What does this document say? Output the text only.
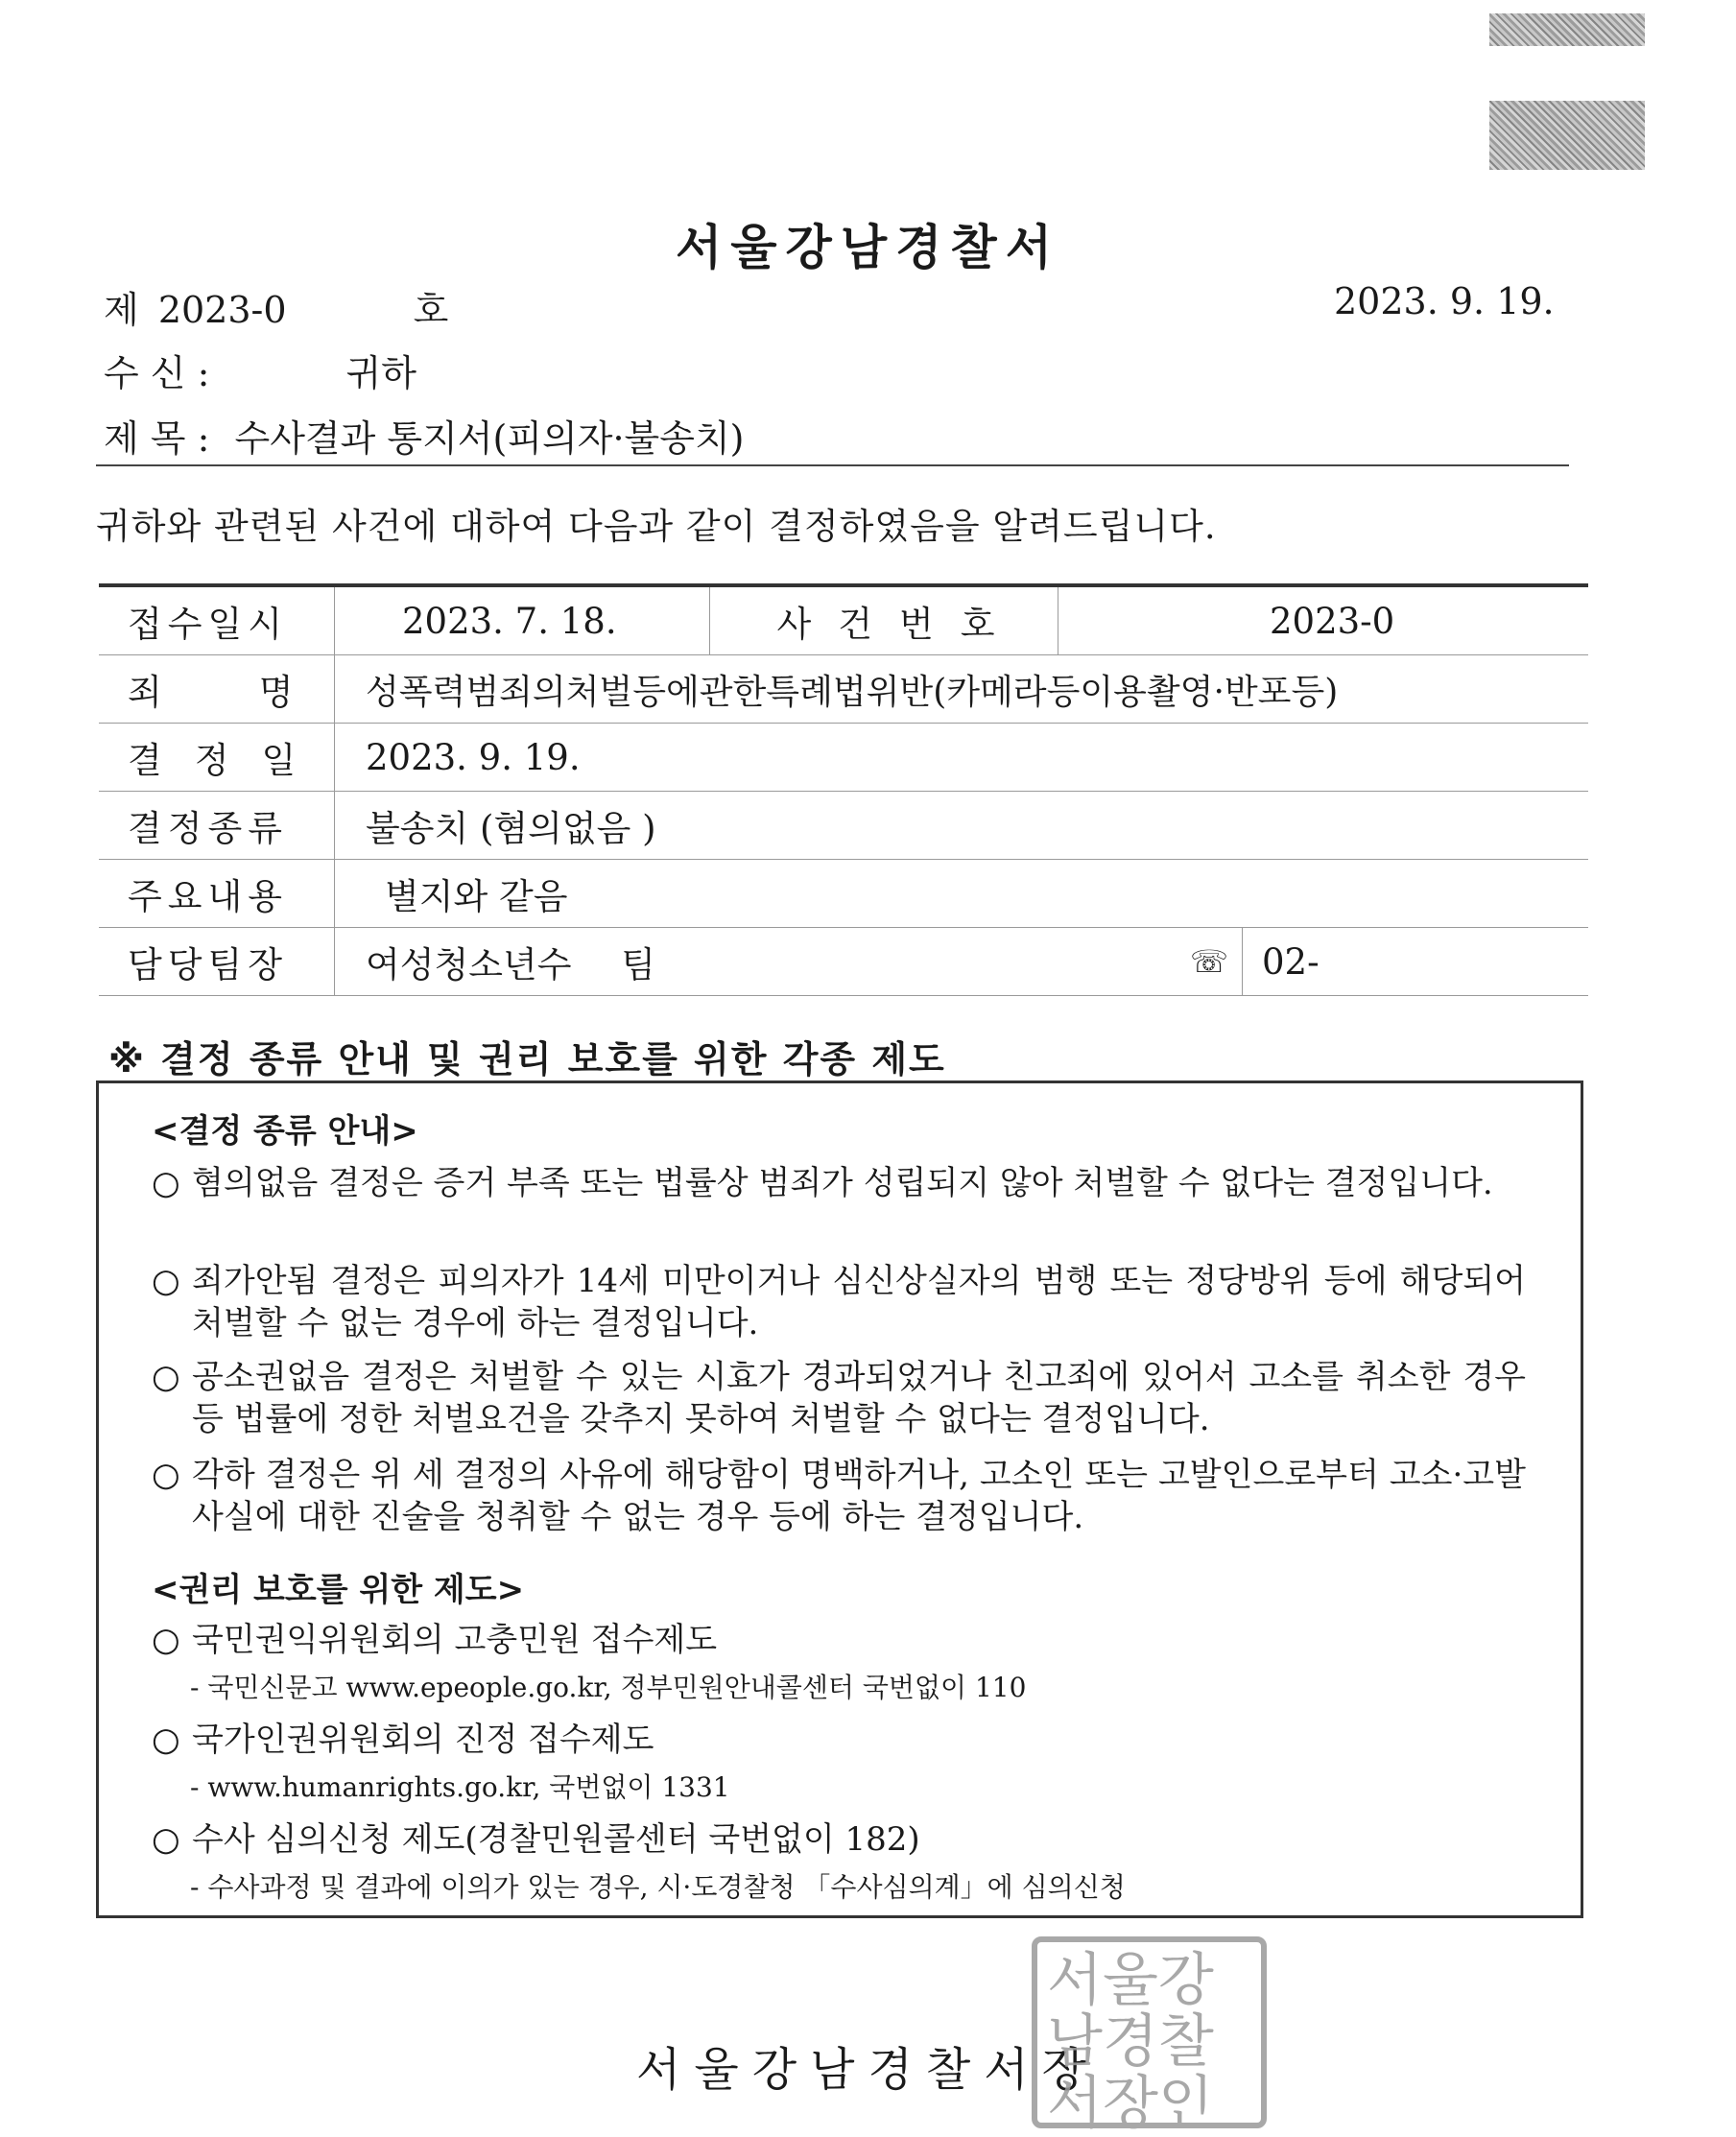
서울강남경찰서
제 2023-0	호	2023. 9. 19.
수 신 :	귀하
제 목 : 수사결과 통지서(피의자·불송치)
귀하와 관련된 사건에 대하여 다음과 같이 결정하였음을 알려드립니다.
접수일시	2023. 7. 18.	사건번호	2023-0
죄 명	성폭력범죄의처벌등에관한특례법위반(카메라등이용촬영·반포등)		
결정일	2023. 9. 19.		
결정종류	불송치 (혐의없음 )		
주요내용	별지와 같음		
담당팀장	여성청소년수 팀 ☏ 02-		
※ 결정 종류 안내 및 권리 보호를 위한 각종 제도
<결정 종류 안내>
○ 혐의없음 결정은 증거 부족 또는 법률상 범죄가 성립되지 않아 처벌할 수 없다는 결정입니다.
○ 죄가안됨 결정은 피의자가 14세 미만이거나 심신상실자의 범행 또는 정당방위 등에 해당되어 처벌할 수 없는 경우에 하는 결정입니다.
○ 공소권없음 결정은 처벌할 수 있는 시효가 경과되었거나 친고죄에 있어서 고소를 취소한 경우 등 법률에 정한 처벌요건을 갖추지 못하여 처벌할 수 없다는 결정입니다.
○ 각하 결정은 위 세 결정의 사유에 해당함이 명백하거나, 고소인 또는 고발인으로부터 고소·고발 사실에 대한 진술을 청취할 수 없는 경우 등에 하는 결정입니다.
<권리 보호를 위한 제도>
○ 국민권익위원회의 고충민원 접수제도
- 국민신문고 www.epeople.go.kr, 정부민원안내콜센터 국번없이 110
○ 국가인권위원회의 진정 접수제도
- www.humanrights.go.kr, 국번없이 1331
○ 수사 심의신청 제도(경찰민원콜센터 국번없이 182)
- 수사과정 및 결과에 이의가 있는 경우, 시·도경찰청 「수사심의계」에 심의신청
서울강남경찰서장
서울강남경찰서장인
